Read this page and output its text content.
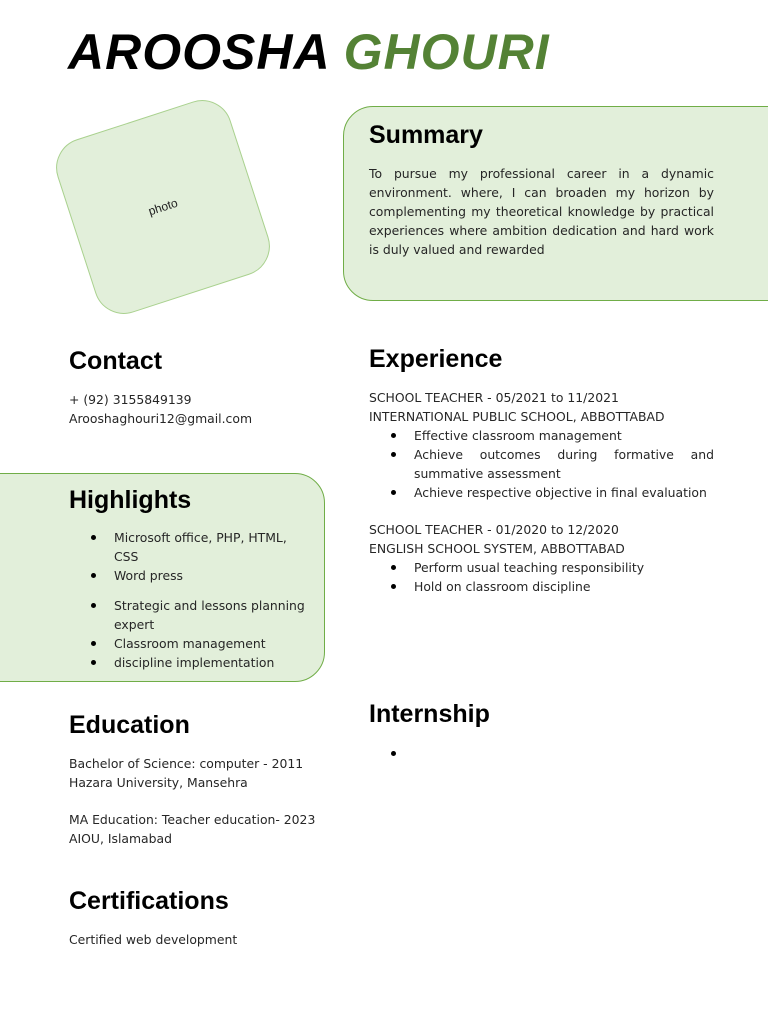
AROOSHA GHOURI
photo
Summary

To pursue my professional career in a dynamic environment. where, I can broaden my horizon by complementing my theoretical knowledge by practical experiences where ambition dedication and hard work is duly valued and rewarded

Contact

+ (92) 3155849139

Arooshaghouri12@gmail.com

Highlights
Microsoft office, PHP, HTML, CSS
Word press
Strategic and lessons planning expert
Classroom management
discipline implementation
Experience

SCHOOL TEACHER - 05/2021 to 11/2021

INTERNATIONAL PUBLIC SCHOOL, ABBOTTABAD

Effective classroom management
Achieve outcomes during formative and summative assessment
Achieve respective objective in final evaluation

SCHOOL TEACHER - 01/2020 to 12/2020

ENGLISH SCHOOL SYSTEM, ABBOTTABAD

Perform usual teaching responsibility
Hold on classroom discipline
Education

Bachelor of Science: computer - 2011

Hazara University, Mansehra

MA Education: Teacher education- 2023

AIOU, Islamabad

Internship
Certifications

Certified web development
